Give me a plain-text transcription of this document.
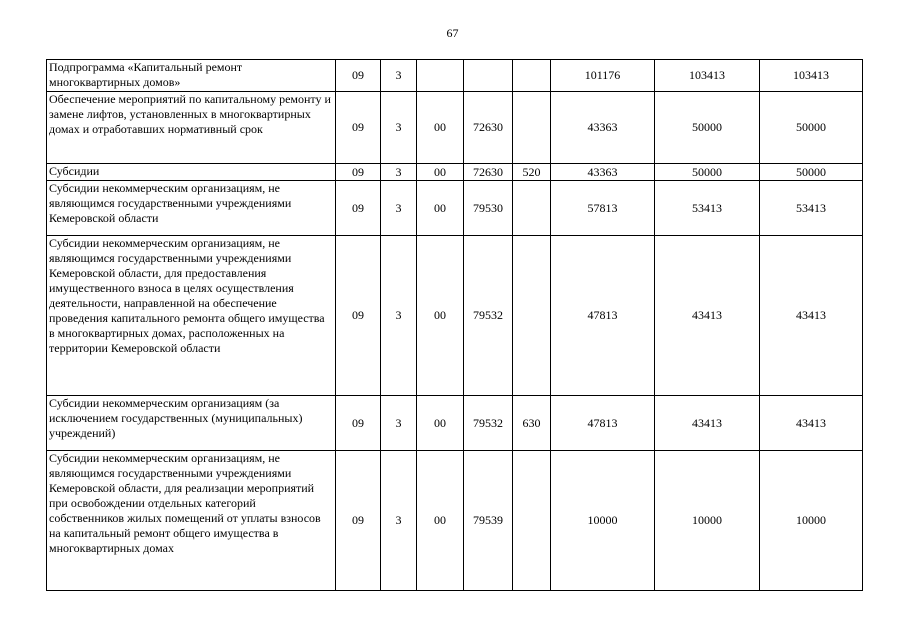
67
Подпрограмма «Капитальный ремонт многоквартирных домов»	09	3				101176	103413	103413
Обеспечение мероприятий по капитальному ремонту и замене лифтов, установленных в многоквартирных домах и отработавших нормативный срок	09	3	00	72630		43363	50000	50000
Субсидии	09	3	00	72630	520	43363	50000	50000
Субсидии некоммерческим организациям, не являющимся государственными учреждениями Кемеровской области	09	3	00	79530		57813	53413	53413
Субсидии некоммерческим организациям, не являющимся государственными учреждениями Кемеровской области, для предоставления имущественного взноса в целях осуществления деятельности, направленной на обеспечение проведения капитального ремонта общего имущества в многоквартирных домах, расположенных на территории Кемеровской области	09	3	00	79532		47813	43413	43413
Субсидии некоммерческим организациям (за исключением государственных (муниципальных) учреждений)	09	3	00	79532	630	47813	43413	43413
Субсидии некоммерческим организациям, не являющимся государственными учреждениями Кемеровской области, для реализации мероприятий при освобождении отдельных категорий собственников жилых помещений от уплаты взносов на капитальный ремонт общего имущества в многоквартирных домах	09	3	00	79539		10000	10000	10000
